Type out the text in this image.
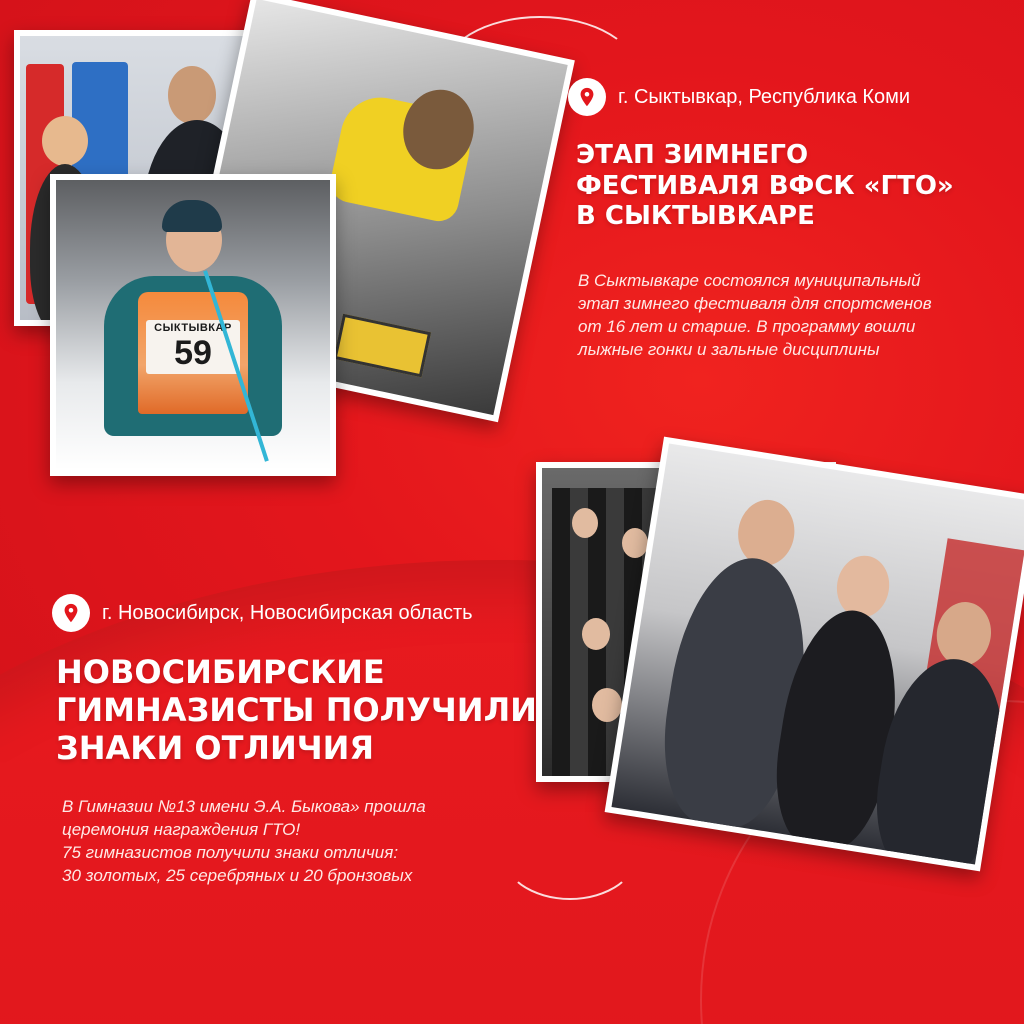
СЫКТЫВКАР
59
г. Сыктывкар, Республика Коми
ЭТАП ЗИМНЕГО
ФЕСТИВАЛЯ ВФСК «ГТО»
В СЫКТЫВКАРЕ
В Сыктывкаре состоялся муниципальный
этап зимнего фестиваля для спортсменов
от 16 лет и старше. В программу вошли
лыжные гонки и зальные дисциплины
г. Новосибирск, Новосибирская область
НОВОСИБИРСКИЕ
ГИМНАЗИСТЫ ПОЛУЧИЛИ
ЗНАКИ ОТЛИЧИЯ
В Гимназии №13 имени Э.А. Быкова» прошла
церемония награждения ГТО!
75 гимназистов получили знаки отличия:
30 золотых, 25 серебряных и 20 бронзовых
